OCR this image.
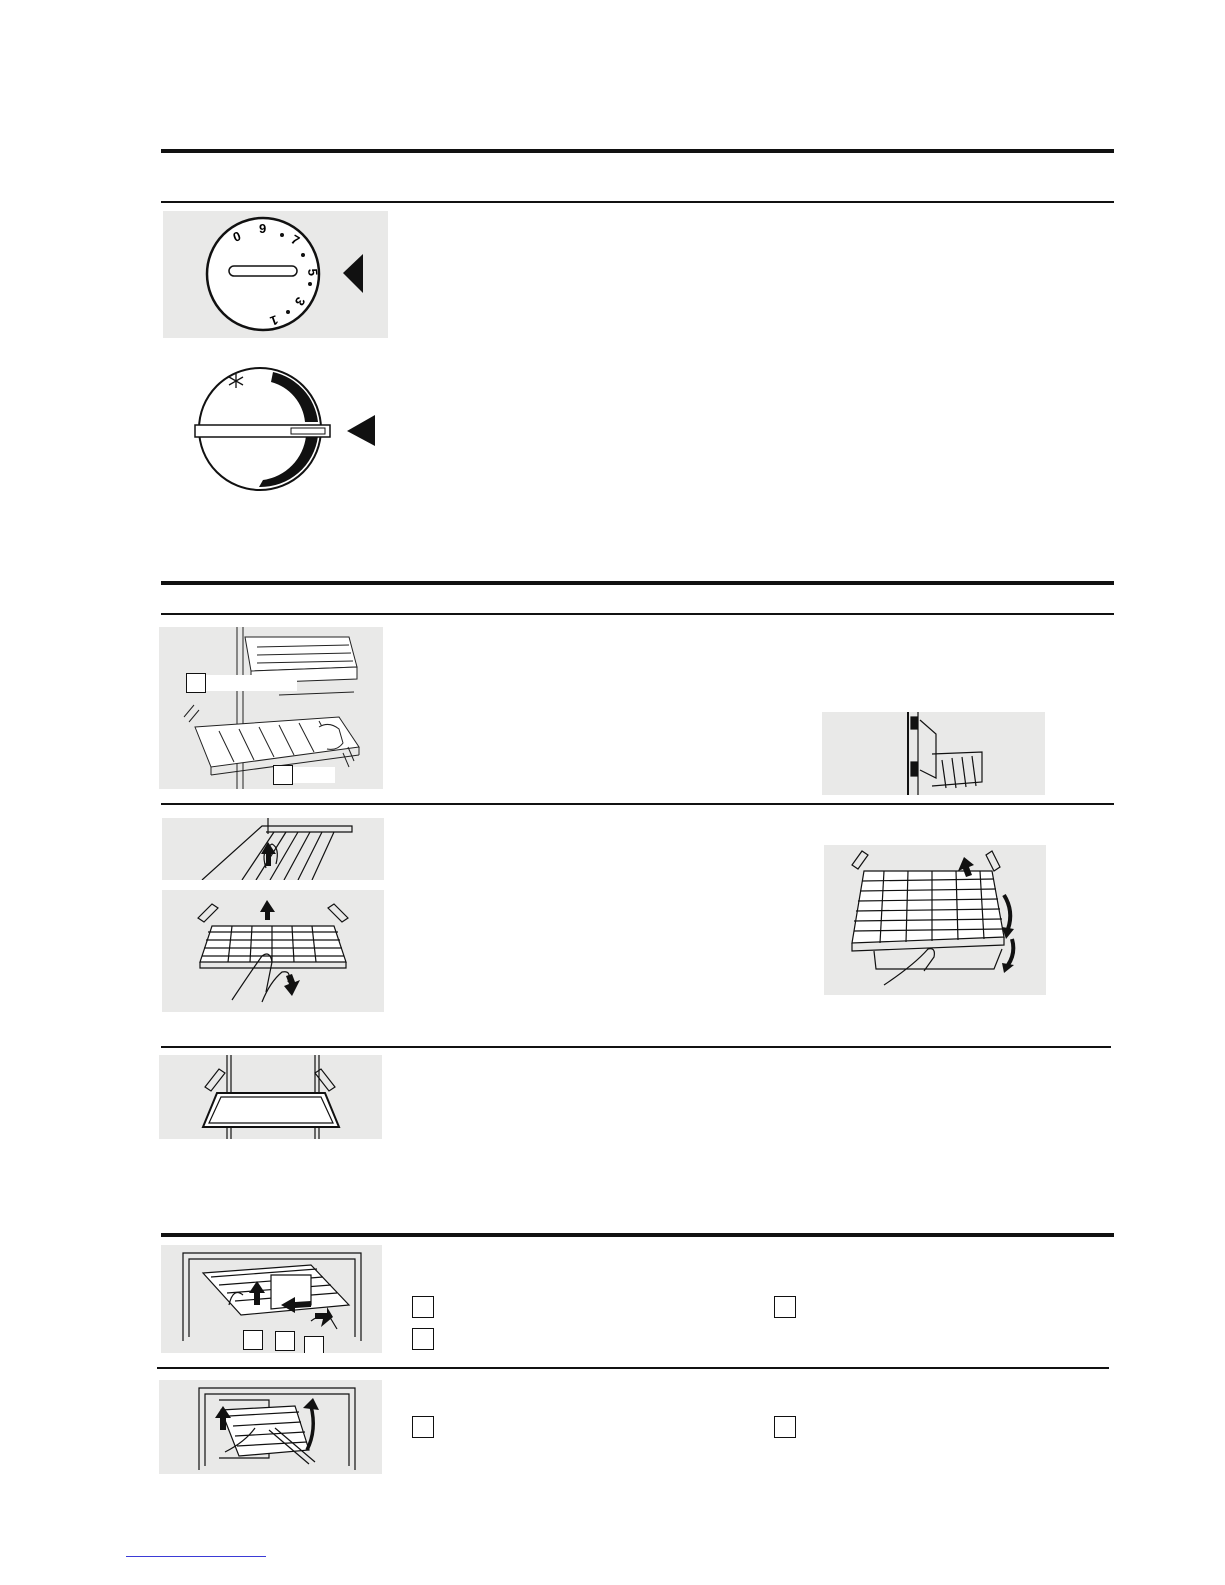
0 9
7
5
3
1
